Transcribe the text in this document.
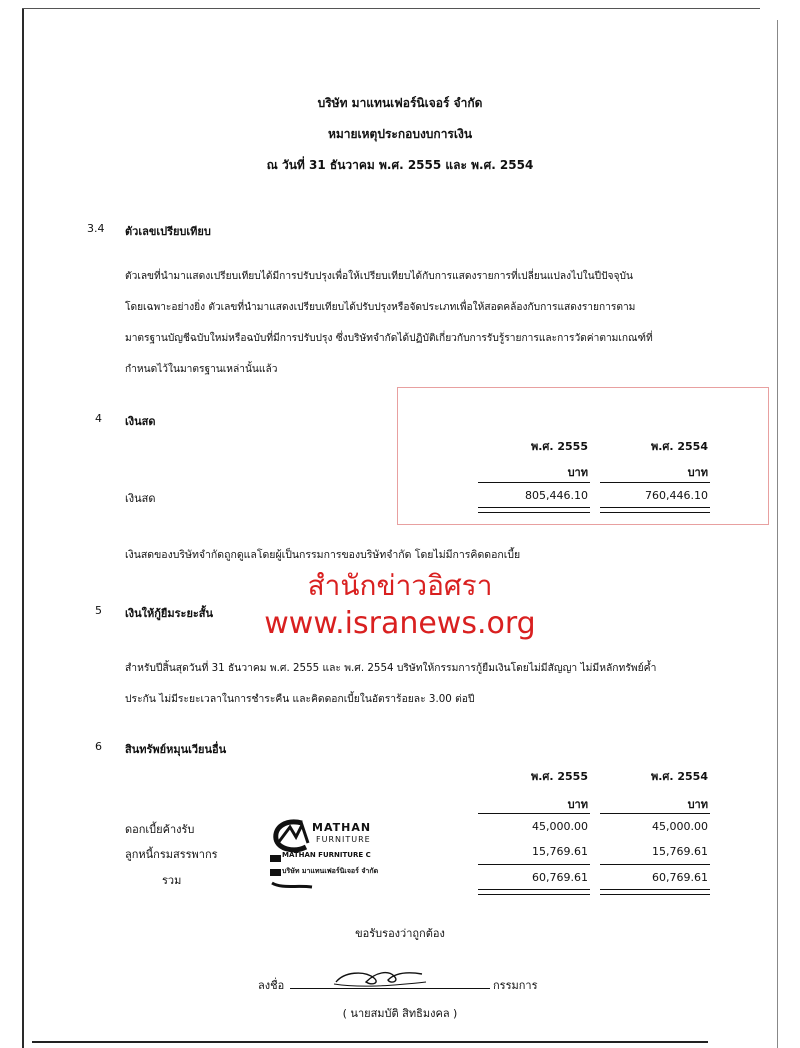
บริษัท มาแทนเฟอร์นิเจอร์ จำกัด
หมายเหตุประกอบงบการเงิน
ณ วันที่ 31 ธันวาคม พ.ศ. 2555 และ พ.ศ. 2554
3.4 ตัวเลขเปรียบเทียบ
ตัวเลขที่นำมาแสดงเปรียบเทียบได้มีการปรับปรุงเพื่อให้เปรียบเทียบได้กับการแสดงรายการที่เปลี่ยนแปลงไปในปีปัจจุบัน
โดยเฉพาะอย่างยิ่ง ตัวเลขที่นำมาแสดงเปรียบเทียบได้ปรับปรุงหรือจัดประเภทเพื่อให้สอดคล้องกับการแสดงรายการตาม
มาตรฐานบัญชีฉบับใหม่หรือฉบับที่มีการปรับปรุง ซึ่งบริษัทจำกัดได้ปฏิบัติเกี่ยวกับการรับรู้รายการและการวัดค่าตามเกณฑ์ที่
กำหนดไว้ในมาตรฐานเหล่านั้นแล้ว
4 เงินสด
พ.ศ. 2555	พ.ศ. 2554
บาท	บาท
เงินสด	805,446.10	760,446.10
เงินสดของบริษัทจำกัดถูกดูแลโดยผู้เป็นกรรมการของบริษัทจำกัด โดยไม่มีการคิดดอกเบี้ย
สำนักข่าวอิศรา
www.isranews.org
5 เงินให้กู้ยืมระยะสั้น
สำหรับปีสิ้นสุดวันที่ 31 ธันวาคม พ.ศ. 2555 และ พ.ศ. 2554 บริษัทให้กรรมการกู้ยืมเงินโดยไม่มีสัญญา ไม่มีหลักทรัพย์ค้ำ
ประกัน ไม่มีระยะเวลาในการชำระคืน และคิดดอกเบี้ยในอัตราร้อยละ 3.00 ต่อปี
6 สินทรัพย์หมุนเวียนอื่น
พ.ศ. 2555	พ.ศ. 2554
บาท	บาท
ดอกเบี้ยค้างรับ	45,000.00	45,000.00
ลูกหนี้กรมสรรพากร	15,769.61	15,769.61
รวม	60,769.61	60,769.61
MATHAN
FURNITURE
MATHAN FURNITURE C
บริษัท มาแทนเฟอร์นิเจอร์ จำกัด
ขอรับรองว่าถูกต้อง
ลงชื่อ	กรรมการ
( นายสมบัติ สิทธิมงคล )
